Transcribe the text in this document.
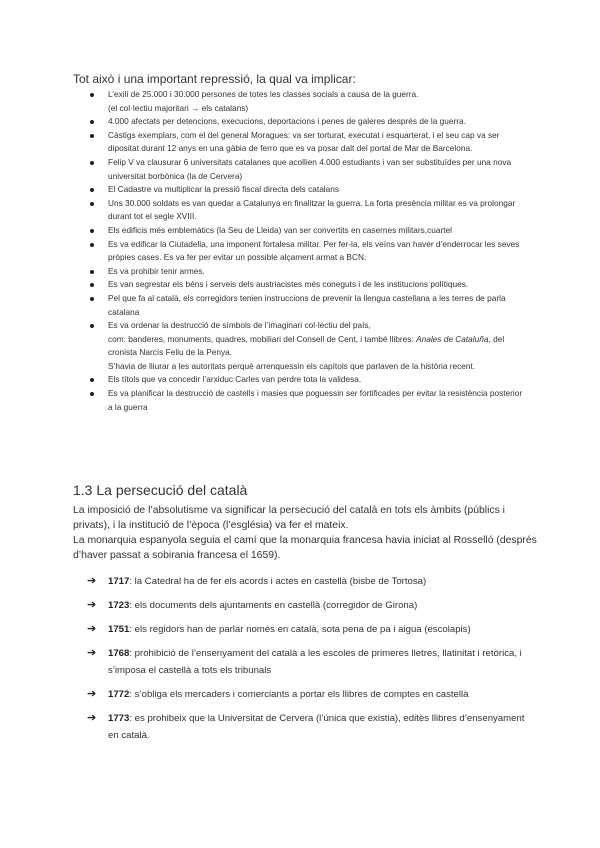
Tot això i una important repressió, la qual va implicar:
L’exili de 25.000 i 30.000 persones de totes les classes socials a causa de la guerra.
(el col·lectiu majoritari → els catalans)
4.000 afectats per detencions, execucions, deportacions i penes de galeres després de la guerra.
Càstigs exemplars, com el del general Moragues: va ser torturat, executat i esquarterat, i el seu cap va ser dipositat durant 12 anys en una gàbia de ferro que es va posar dalt del portal de Mar de Barcelona.
Felip V va clausurar 6 universitats catalanes que acollien 4.000 estudiants i van ser substituïdes per una nova universitat borbònica (la de Cervera)
El Cadastre va multiplicar la pressió fiscal directa dels catalans
Uns 30.000 soldats es van quedar a Catalunya en finalitzar la guerra. La forta presència militar es va prolongar durant tot el segle XVIII.
Els edificis més emblemàtics (la Seu de Lleida) van ser convertits en casernes militars,cuartel
Es va edificar la Ciutadella, una imponent fortalesa militar. Per fer-la, els veïns van haver d’enderrocar les seves pròpies cases. Es va fer per evitar un possible alçament armat a BCN.
Es va prohibir tenir armes.
Es van segrestar els béns i serveis dels austriacistes més coneguts i de les institucions polítiques.
Pel que fa al català, els corregidors tenien instruccions de prevenir la llengua castellana a les terres de parla catalana
Es va ordenar la destrucció de símbols de l’imaginari col·lectiu del país,
com: banderes, monuments, quadres, mobiliari del Consell de Cent, i també llibres: Anales de Cataluña, del cronista Narcís Feliu de la Penya.
S’havia de lliurar a les autoritats perquè arrenquessin els capítols que parlaven de la història recent.
Els títols que va concedir l’arxiduc Carles van perdre tota la validesa.
Es va planificar la destrucció de castells i masies que poguessin ser fortificades per evitar la resistència posterior a la guerra
1.3 La persecució del català
La imposició de l’absolutisme va significar la persecució del català en tots els àmbits (públics i privats), i la institució de l’època (l’església) va fer el mateix.
La monarquia espanyola seguia el camí que la monarquia francesa havia iniciat al Rosselló (després d’haver passat a sobirania francesa el 1659).
➔ 1717: la Catedral ha de fer els acords i actes en castellà (bisbe de Tortosa)
➔ 1723: els documents dels ajuntaments en castellà (corregidor de Girona)
➔ 1751: els regidors han de parlar només en català, sota pena de pa i aigua (escolapis)
➔ 1768: prohibició de l’ensenyament del català a les escoles de primeres lletres, llatinitat i retòrica, i s’imposa el castellà a tots els tribunals
➔ 1772: s’obliga els mercaders i comerciants a portar els llibres de comptes en castellà
➔ 1773: es prohibeix que la Universitat de Cervera (l’única que existia), editès llibres d’ensenyament en català.
